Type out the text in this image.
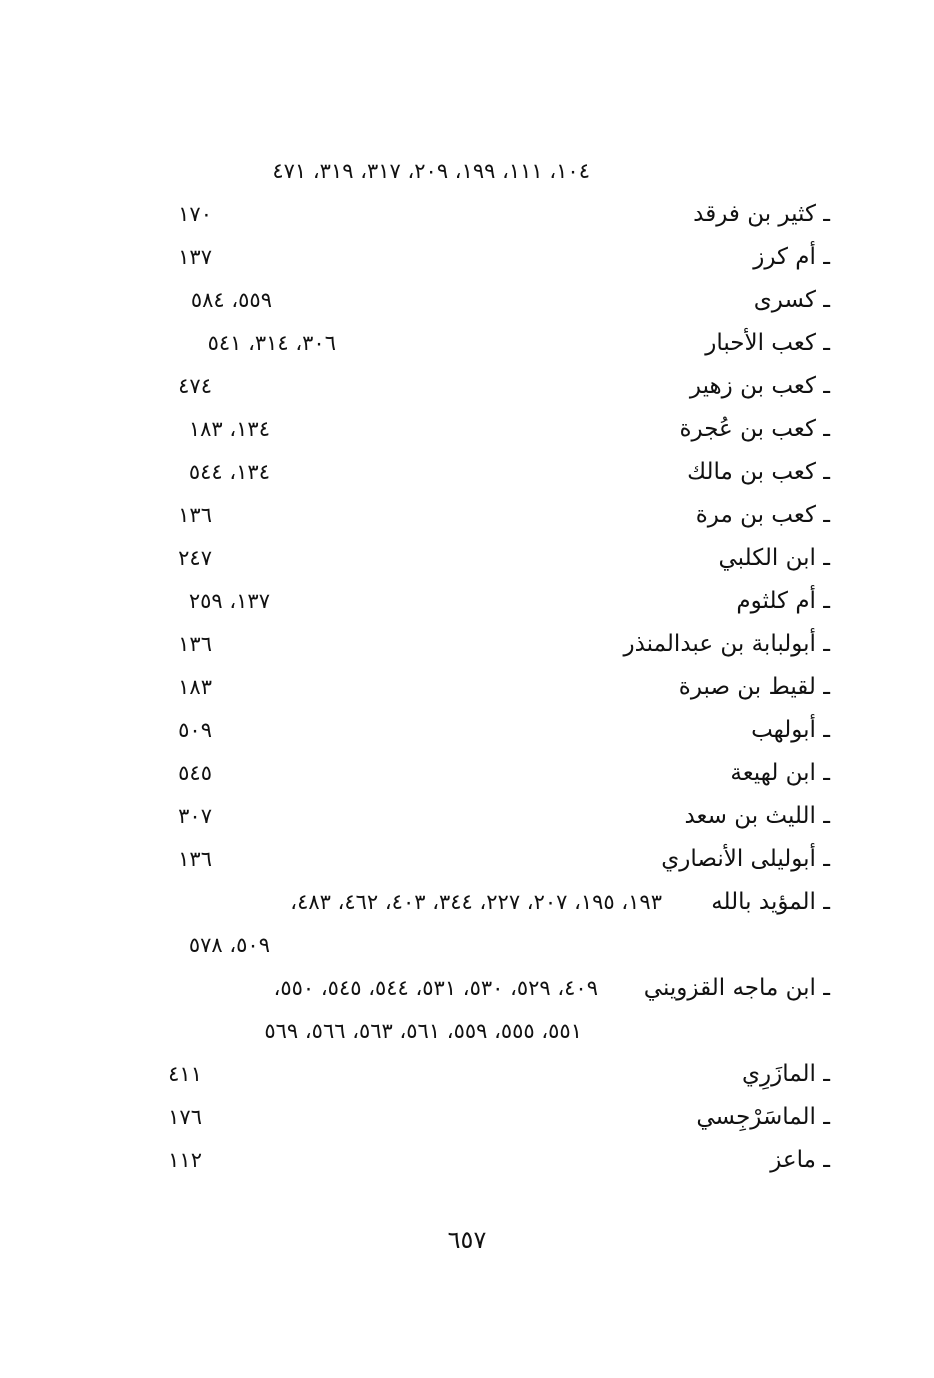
١٠٤، ١١١، ١٩٩، ٢٠٩، ٣١٧، ٣١٩، ٤٧١
ـ كثير بن فرقد
١٧٠
ـ أم كرز
١٣٧
ـ كسرى
٥٥٩، ٥٨٤
ـ كعب الأحبار
٣٠٦، ٣١٤، ٥٤١
ـ كعب بن زهير
٤٧٤
ـ كعب بن عُجرة
١٣٤، ١٨٣
ـ كعب بن مالك
١٣٤، ٥٤٤
ـ كعب بن مرة
١٣٦
ـ ابن الكلبي
٢٤٧
ـ أم كلثوم
١٣٧، ٢٥٩
ـ أبولبابة بن عبدالمنذر
١٣٦
ـ لقيط بن صبرة
١٨٣
ـ أبولهب
٥٠٩
ـ ابن لهيعة
٥٤٥
ـ الليث بن سعد
٣٠٧
ـ أبوليلى الأنصاري
١٣٦
ـ المؤيد بالله
١٩٣، ١٩٥، ٢٠٧، ٢٢٧، ٣٤٤، ٤٠٣، ٤٦٢، ٤٨٣،
٥٠٩، ٥٧٨
ـ ابن ماجه القزويني
٤٠٩، ٥٢٩، ٥٣٠، ٥٣١، ٥٤٤، ٥٤٥، ٥٥٠،
٥٥١، ٥٥٥، ٥٥٩، ٥٦١، ٥٦٣، ٥٦٦، ٥٦٩
ـ المازَرِي
٤١١
ـ الماسَرْجِسي
١٧٦
ـ ماعز
١١٢
٦٥٧
